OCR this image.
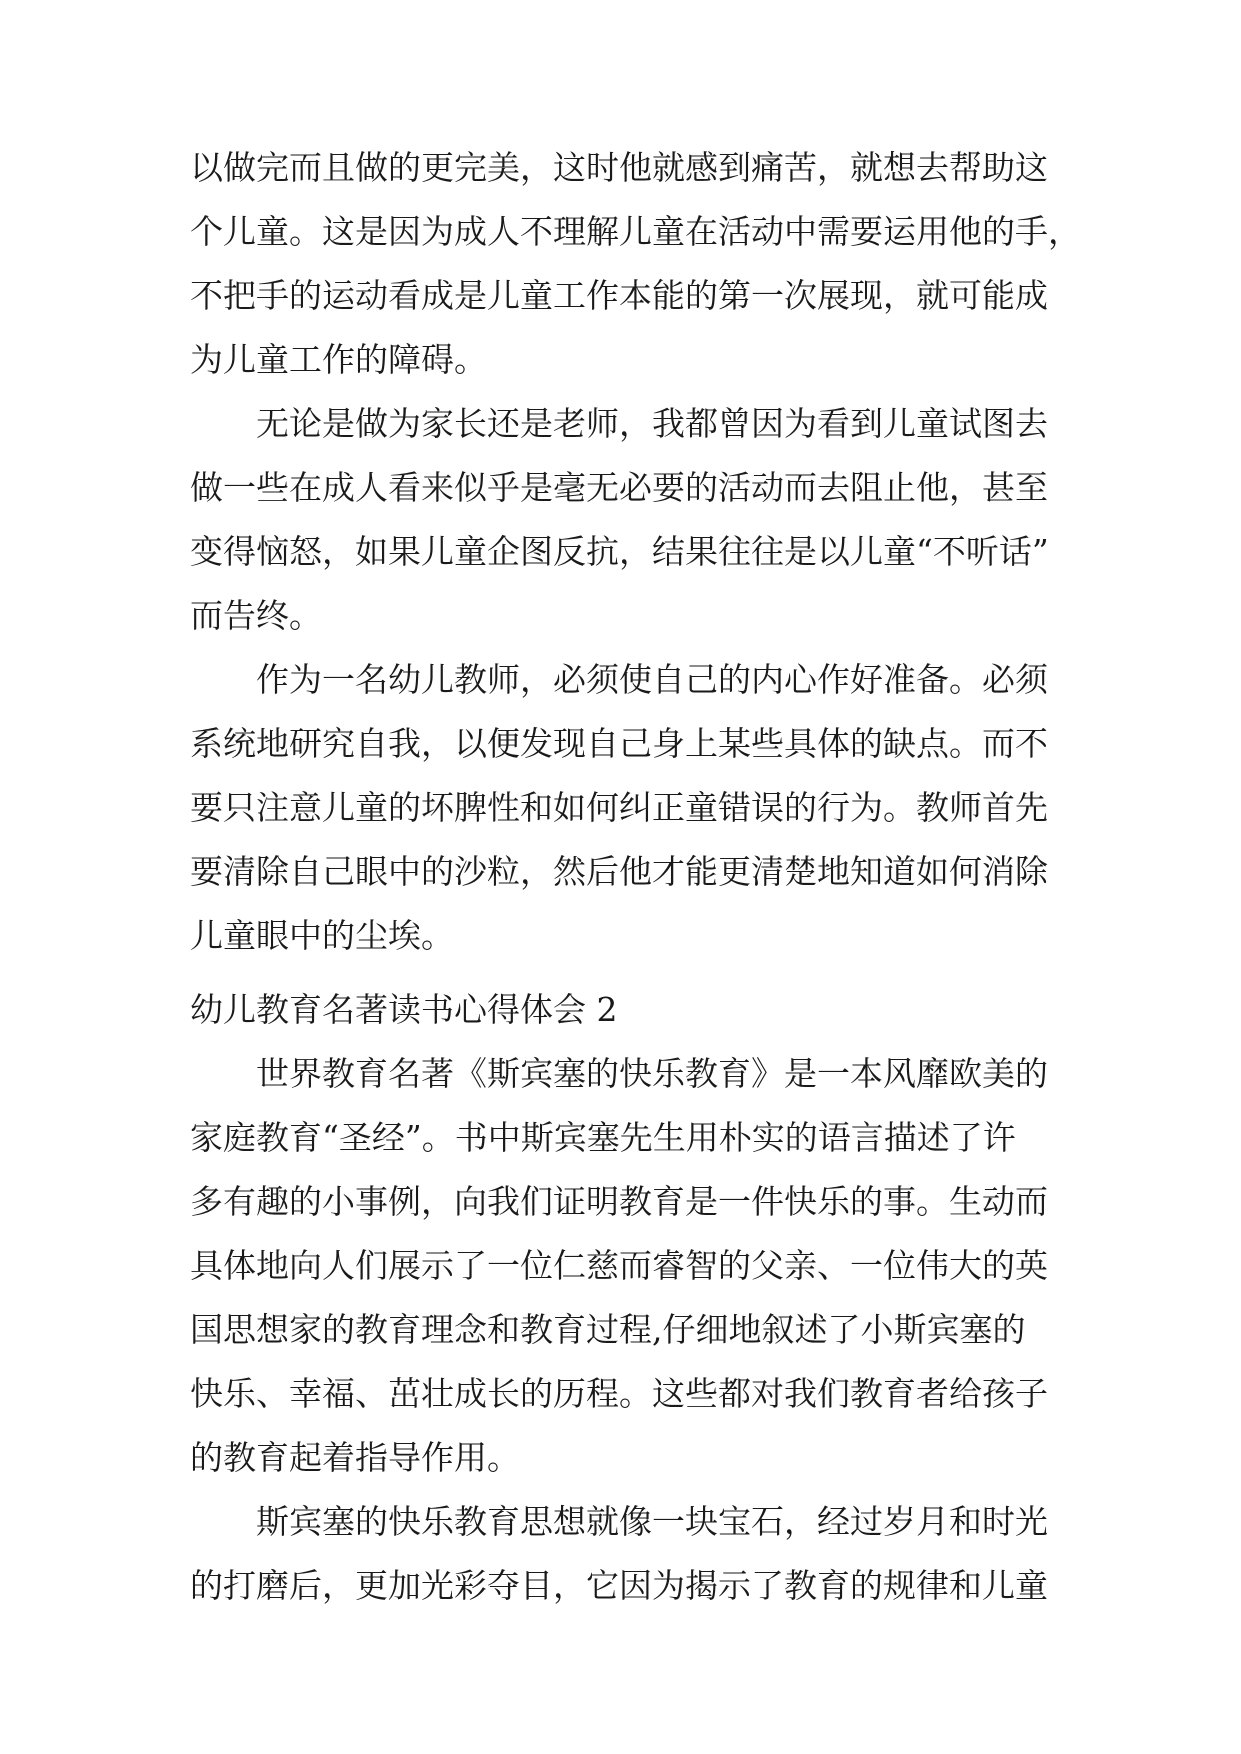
以做完而且做的更完美，这时他就感到痛苦，就想去帮助这
个儿童。这是因为成人不理解儿童在活动中需要运用他的手，
不把手的运动看成是儿童工作本能的第一次展现，就可能成
为儿童工作的障碍。
无论是做为家长还是老师，我都曾因为看到儿童试图去
做一些在成人看来似乎是毫无必要的活动而去阻止他，甚至
变得恼怒，如果儿童企图反抗，结果往往是以儿童“不听话”
而告终。
作为一名幼儿教师，必须使自己的内心作好准备。必须
系统地研究自我，以便发现自己身上某些具体的缺点。而不
要只注意儿童的坏脾性和如何纠正童错误的行为。教师首先
要清除自己眼中的沙粒，然后他才能更清楚地知道如何消除
儿童眼中的尘埃。
幼儿教育名著读书心得体会 2
世界教育名著《斯宾塞的快乐教育》是一本风靡欧美的
家庭教育“圣经”。书中斯宾塞先生用朴实的语言描述了许
多有趣的小事例，向我们证明教育是一件快乐的事。生动而
具体地向人们展示了一位仁慈而睿智的父亲、一位伟大的英
国思想家的教育理念和教育过程,仔细地叙述了小斯宾塞的
快乐、幸福、茁壮成长的历程。这些都对我们教育者给孩子
的教育起着指导作用。
斯宾塞的快乐教育思想就像一块宝石，经过岁月和时光
的打磨后，更加光彩夺目，它因为揭示了教育的规律和儿童
